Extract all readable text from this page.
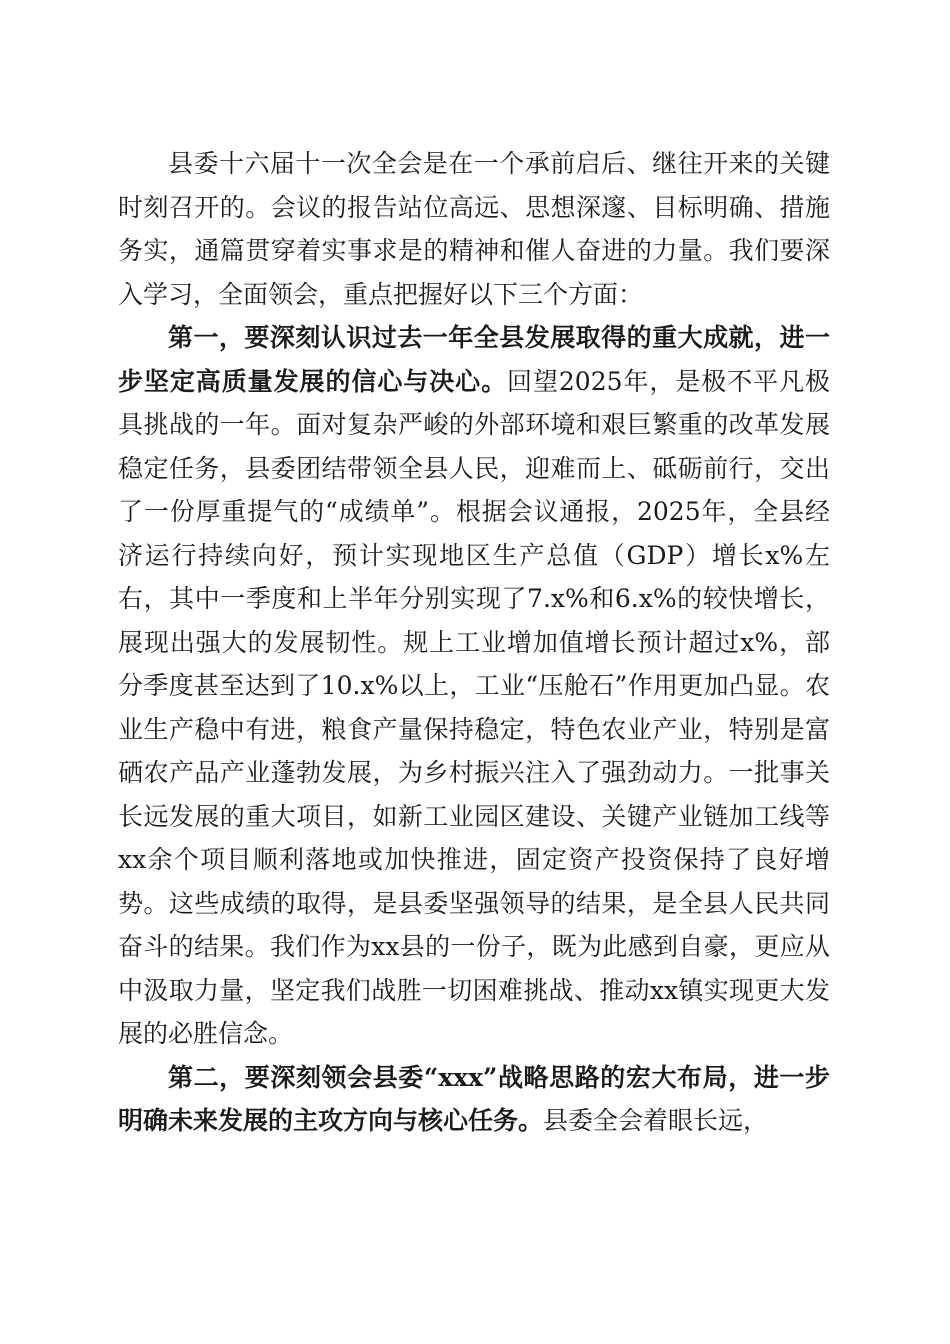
县委十六届十一次全会是在一个承前启后、继往开来的关键时刻召开的。会议的报告站位高远、思想深邃、目标明确、措施务实，通篇贯穿着实事求是的精神和催人奋进的力量。我们要深入学习，全面领会，重点把握好以下三个方面：

第一，要深刻认识过去一年全县发展取得的重大成就，进一步坚定高质量发展的信心与决心。回望2025年，是极不平凡极具挑战的一年。面对复杂严峻的外部环境和艰巨繁重的改革发展稳定任务，县委团结带领全县人民，迎难而上、砥砺前行，交出了一份厚重提气的“成绩单”。根据会议通报，2025年，全县经济运行持续向好，预计实现地区生产总值（GDP）增长x%左右，其中一季度和上半年分别实现了7.x%和6.x%的较快增长，展现出强大的发展韧性。规上工业增加值增长预计超过x%，部分季度甚至达到了10.x%以上，工业“压舱石”作用更加凸显。农业生产稳中有进，粮食产量保持稳定，特色农业产业，特别是富硒农产品产业蓬勃发展，为乡村振兴注入了强劲动力。一批事关长远发展的重大项目，如新工业园区建设、关键产业链加工线等xx余个项目顺利落地或加快推进，固定资产投资保持了良好增势。这些成绩的取得，是县委坚强领导的结果，是全县人民共同奋斗的结果。我们作为xx县的一份子，既为此感到自豪，更应从中汲取力量，坚定我们战胜一切困难挑战、推动xx镇实现更大发展的必胜信念。

第二，要深刻领会县委“xxx”战略思路的宏大布局，进一步明确未来发展的主攻方向与核心任务。县委全会着眼长远，
